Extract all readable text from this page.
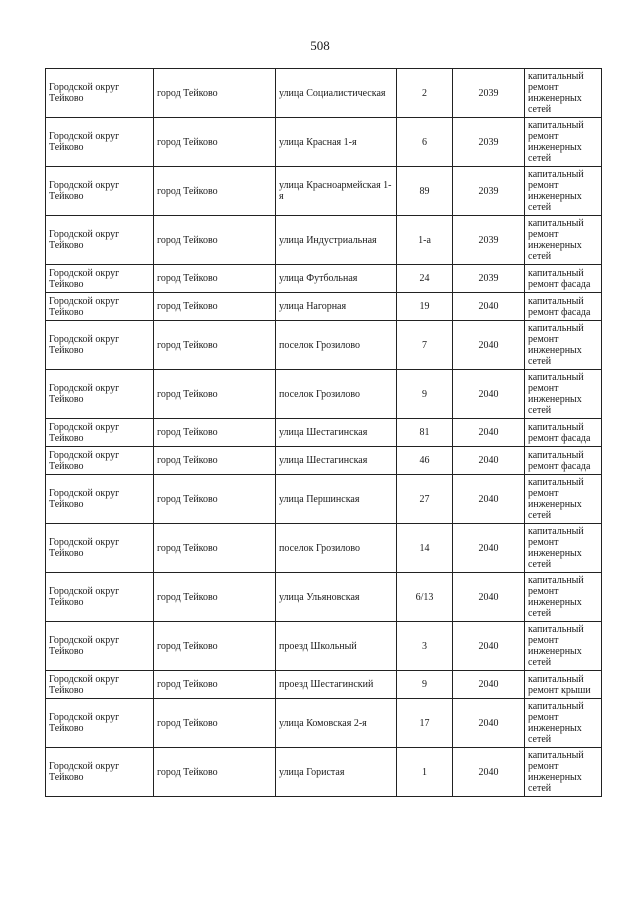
508
Городской округ Тейково	город Тейково	улица Социалистическая	2	2039	капитальный ремонт инженерных сетей
Городской округ Тейково	город Тейково	улица Красная 1-я	6	2039	капитальный ремонт инженерных сетей
Городской округ Тейково	город Тейково	улица Красноармейская 1-я	89	2039	капитальный ремонт инженерных сетей
Городской округ Тейково	город Тейково	улица Индустриальная	1-а	2039	капитальный ремонт инженерных сетей
Городской округ Тейково	город Тейково	улица Футбольная	24	2039	капитальный ремонт фасада
Городской округ Тейково	город Тейково	улица Нагорная	19	2040	капитальный ремонт фасада
Городской округ Тейково	город Тейково	поселок Грозилово	7	2040	капитальный ремонт инженерных сетей
Городской округ Тейково	город Тейково	поселок Грозилово	9	2040	капитальный ремонт инженерных сетей
Городской округ Тейково	город Тейково	улица Шестагинская	81	2040	капитальный ремонт фасада
Городской округ Тейково	город Тейково	улица Шестагинская	46	2040	капитальный ремонт фасада
Городской округ Тейково	город Тейково	улица Першинская	27	2040	капитальный ремонт инженерных сетей
Городской округ Тейково	город Тейково	поселок Грозилово	14	2040	капитальный ремонт инженерных сетей
Городской округ Тейково	город Тейково	улица Ульяновская	6/13	2040	капитальный ремонт инженерных сетей
Городской округ Тейково	город Тейково	проезд Школьный	3	2040	капитальный ремонт инженерных сетей
Городской округ Тейково	город Тейково	проезд Шестагинский	9	2040	капитальный ремонт крыши
Городской округ Тейково	город Тейково	улица Комовская 2-я	17	2040	капитальный ремонт инженерных сетей
Городской округ Тейково	город Тейково	улица Гористая	1	2040	капитальный ремонт инженерных сетей
